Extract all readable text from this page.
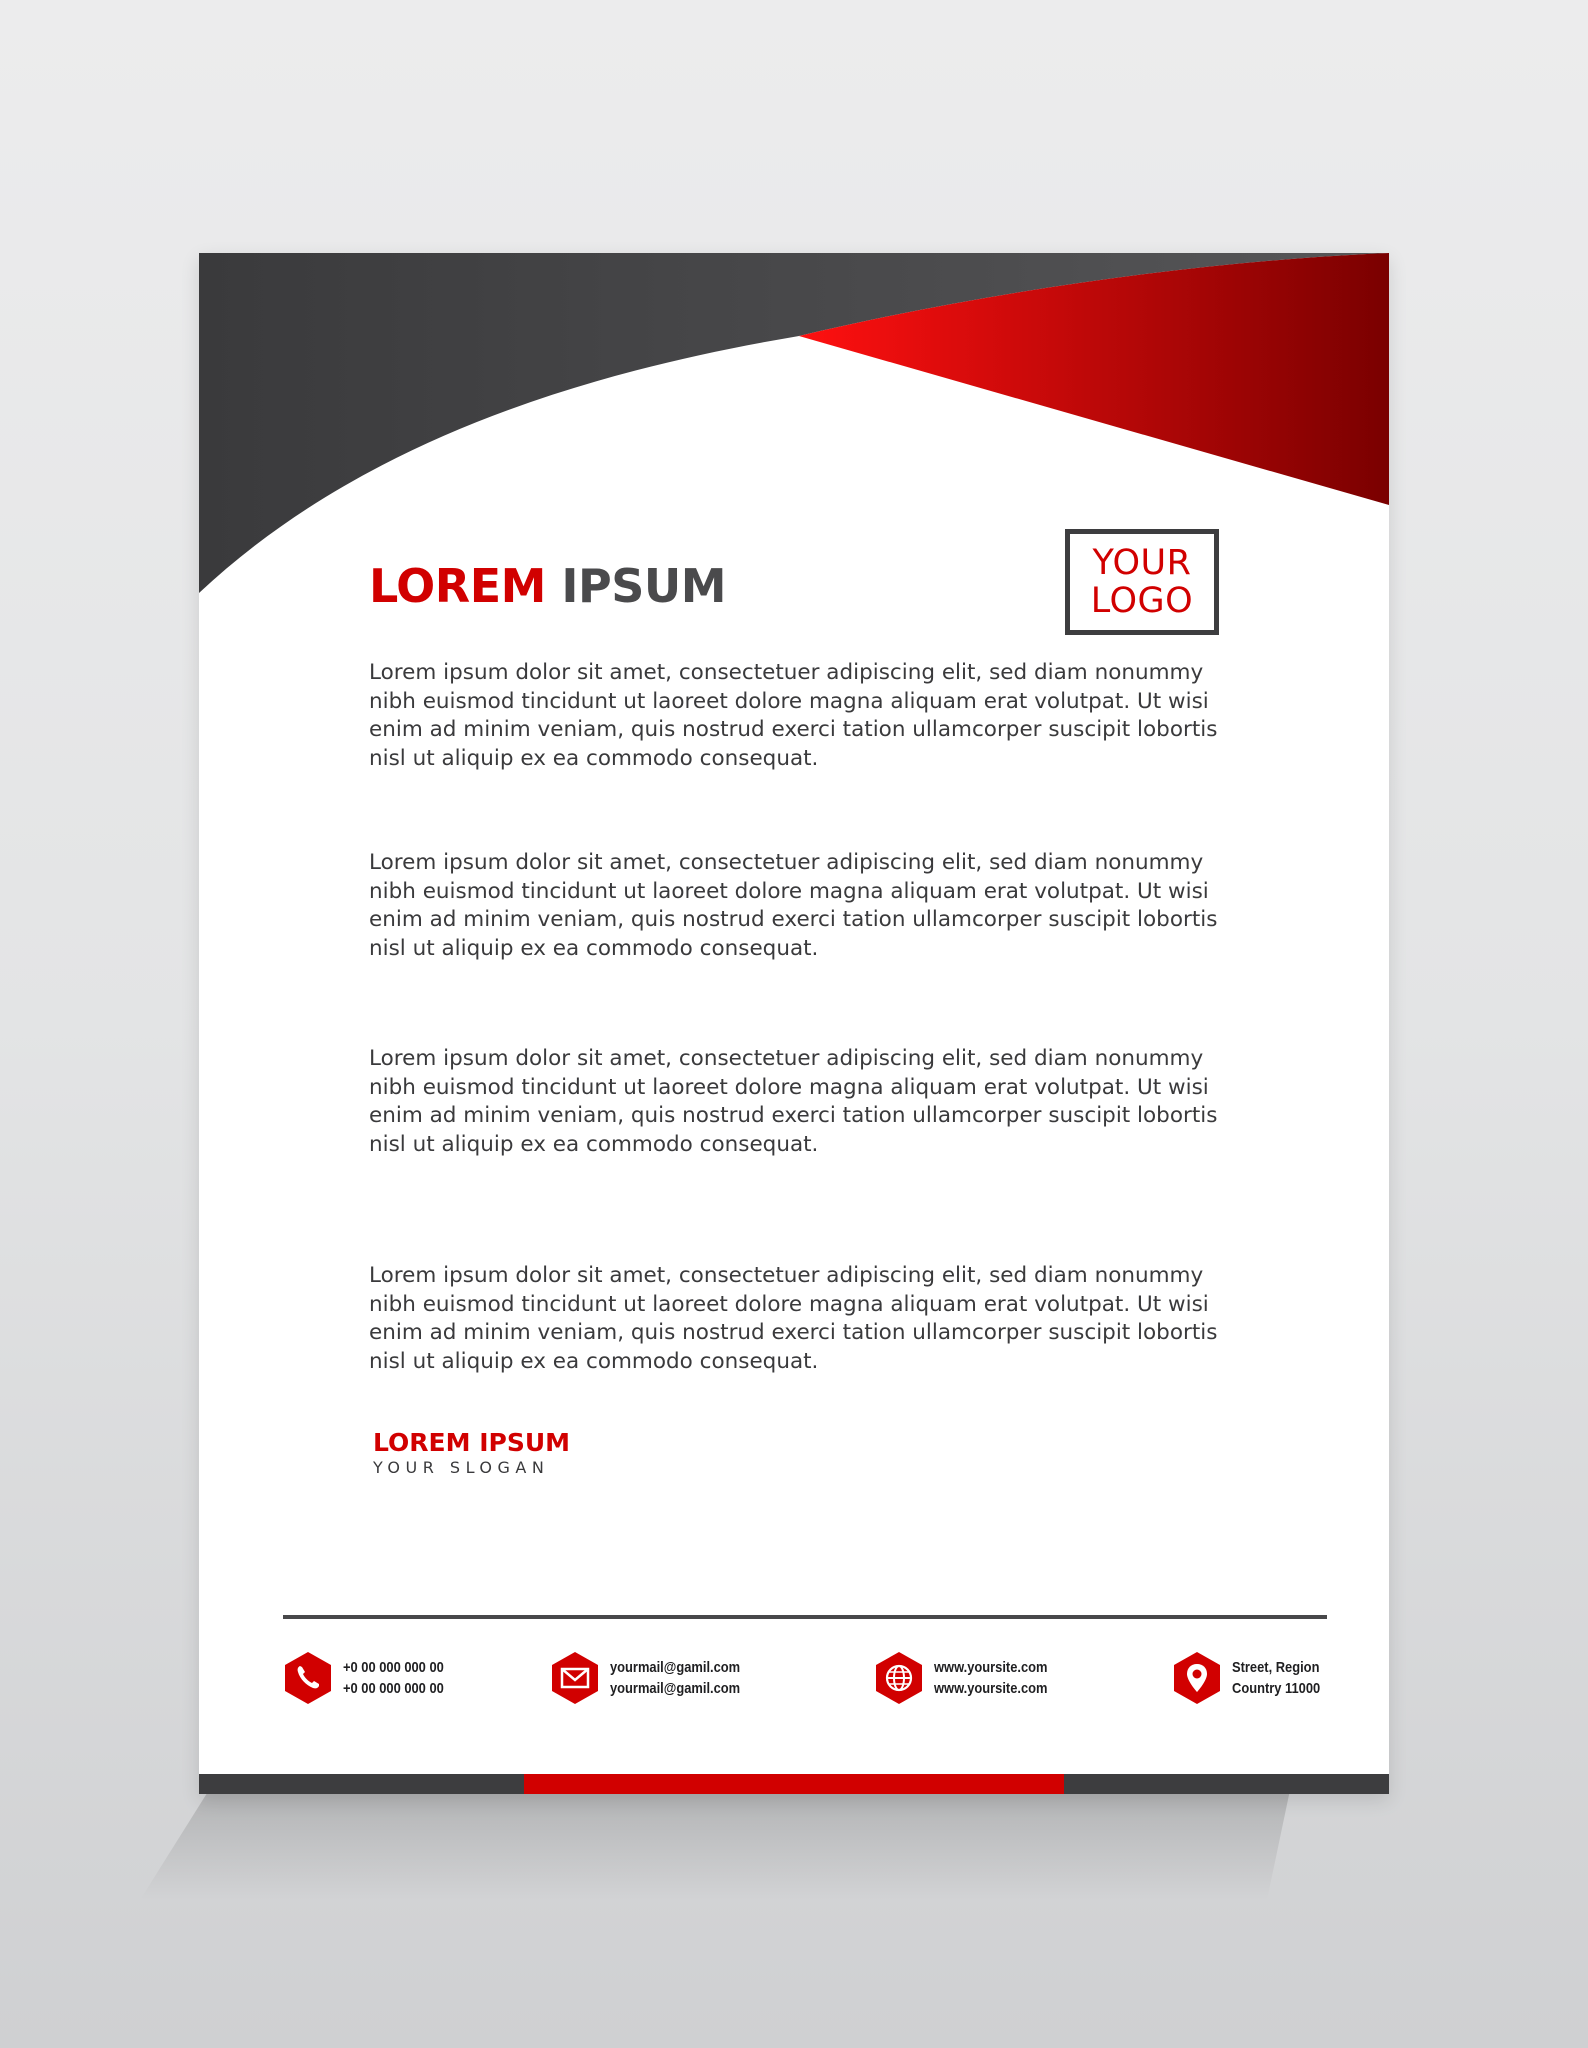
LOREM IPSUM	YOUR
LOGO

Lorem ipsum dolor sit amet, consectetuer adipiscing elit, sed diam nonummy nibh euismod tincidunt ut laoreet dolore magna aliquam erat volutpat. Ut wisi enim ad minim veniam, quis nostrud exerci tation ullamcorper suscipit lobortis nisl ut aliquip ex ea commodo consequat.

Lorem ipsum dolor sit amet, consectetuer adipiscing elit, sed diam nonummy nibh euismod tincidunt ut laoreet dolore magna aliquam erat volutpat. Ut wisi enim ad minim veniam, quis nostrud exerci tation ullamcorper suscipit lobortis nisl ut aliquip ex ea commodo consequat.

Lorem ipsum dolor sit amet, consectetuer adipiscing elit, sed diam nonummy nibh euismod tincidunt ut laoreet dolore magna aliquam erat volutpat. Ut wisi enim ad minim veniam, quis nostrud exerci tation ullamcorper suscipit lobortis nisl ut aliquip ex ea commodo consequat.

Lorem ipsum dolor sit amet, consectetuer adipiscing elit, sed diam nonummy nibh euismod tincidunt ut laoreet dolore magna aliquam erat volutpat. Ut wisi enim ad minim veniam, quis nostrud exerci tation ullamcorper suscipit lobortis nisl ut aliquip ex ea commodo consequat.

LOREM IPSUM
YOUR SLOGAN
+0 00 000 000 00
+0 00 000 000 00
yourmail@gamil.com
yourmail@gamil.com
www.yoursite.com
www.yoursite.com
Street, Region
Country 11000
